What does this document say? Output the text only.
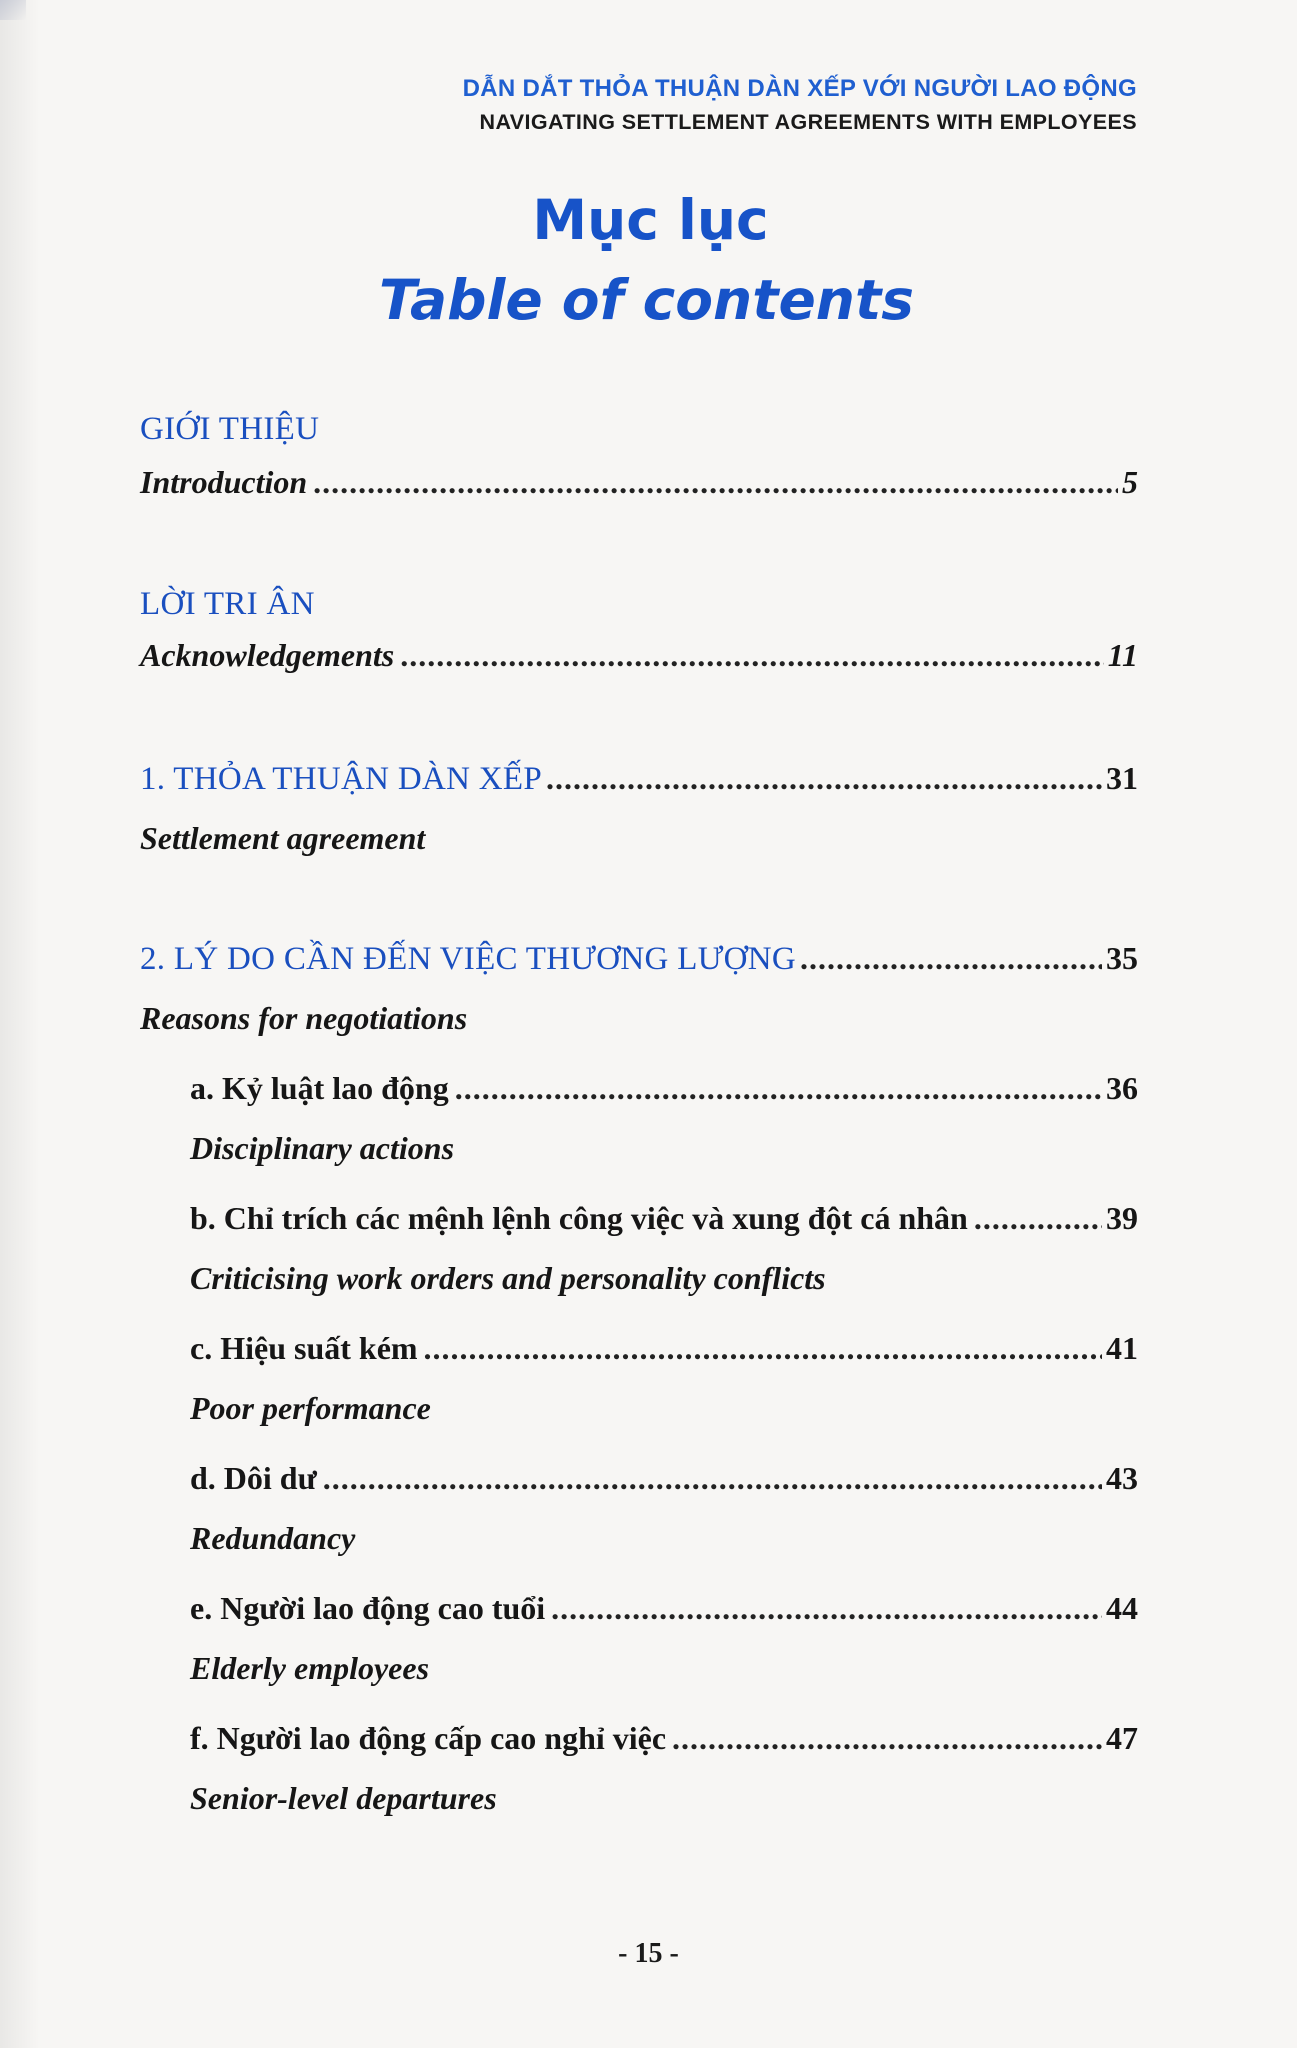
DẪN DẮT THỎA THUẬN DÀN XẾP VỚI NGƯỜI LAO ĐỘNG
NAVIGATING SETTLEMENT AGREEMENTS WITH EMPLOYEES
Mục lục
Table of contents
GIỚI THIỆU
Introduction .....	5
LỜI TRI ÂN
Acknowledgements .....	11
1. THỎA THUẬN DÀN XẾP .....	31
Settlement agreement
2. LÝ DO CẦN ĐẾN VIỆC THƯƠNG LƯỢNG .....	35
Reasons for negotiations
a. Kỷ luật lao động .....	36
Disciplinary actions
b. Chỉ trích các mệnh lệnh công việc và xung đột cá nhân .....	39
Criticising work orders and personality conflicts
c. Hiệu suất kém .....	41
Poor performance
d. Dôi dư .....	43
Redundancy
e. Người lao động cao tuổi .....	44
Elderly employees
f. Người lao động cấp cao nghỉ việc .....	47
Senior-level departures
- 15 -
